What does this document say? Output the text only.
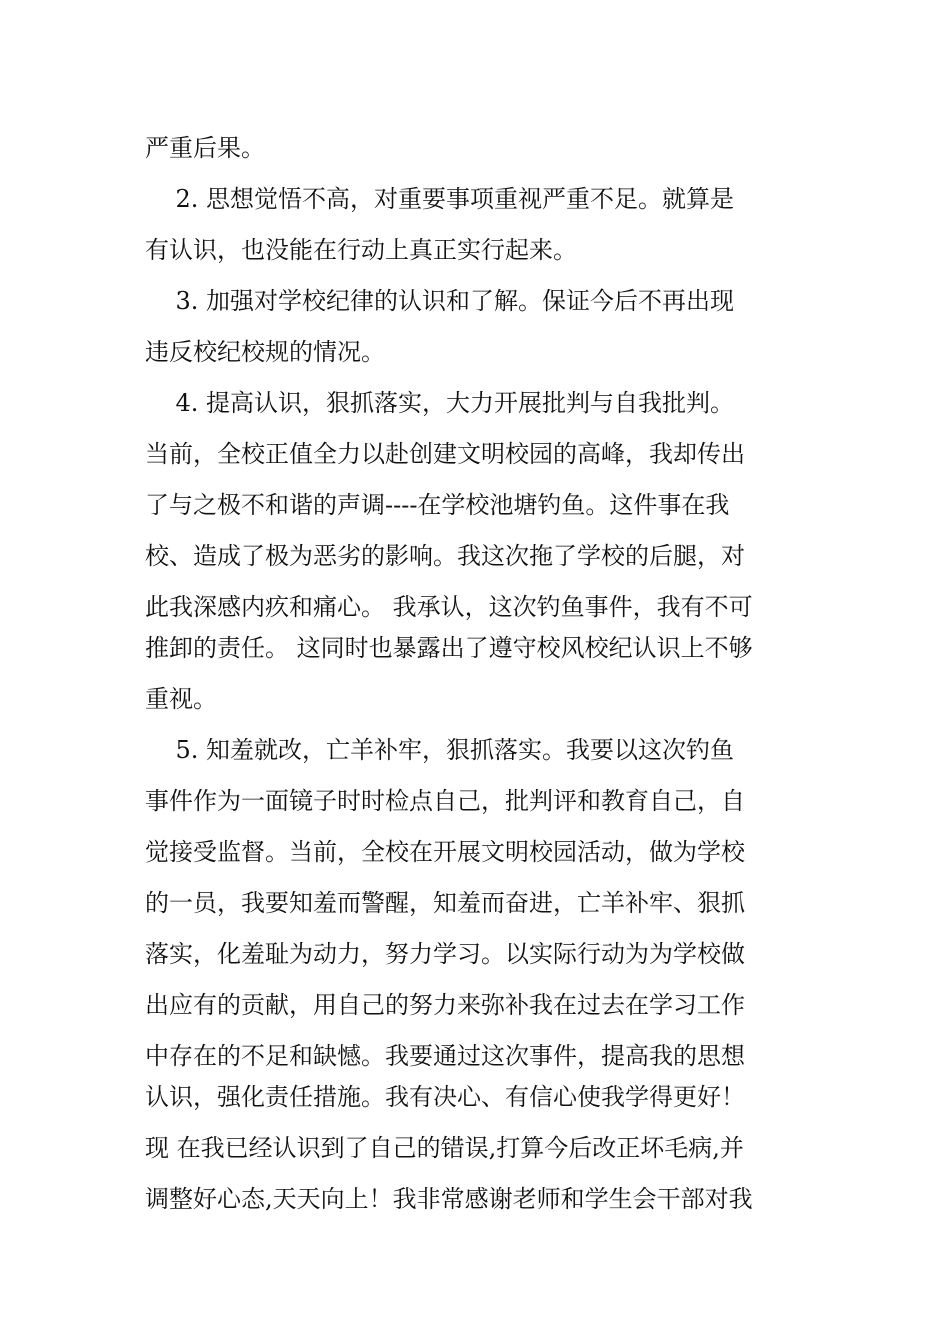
严重后果。

2. 思想觉悟不高，对重要事项重视严重不足。就算是

有认识，也没能在行动上真正实行起来。

3. 加强对学校纪律的认识和了解。保证今后不再出现

违反校纪校规的情况。

4. 提高认识，狠抓落实，大力开展批判与自我批判。

当前，全校正值全力以赴创建文明校园的高峰，我却传出

了与之极不和谐的声调----在学校池塘钓鱼。这件事在我

校、造成了极为恶劣的影响。我这次拖了学校的后腿，对

此我深感内疚和痛心。 我承认，这次钓鱼事件，我有不可

推卸的责任。 这同时也暴露出了遵守校风校纪认识上不够

重视。

5. 知羞就改，亡羊补牢，狠抓落实。我要以这次钓鱼

事件作为一面镜子时时检点自己，批判评和教育自己，自

觉接受监督。当前，全校在开展文明校园活动，做为学校

的一员，我要知羞而警醒，知羞而奋进，亡羊补牢、狠抓

落实，化羞耻为动力，努力学习。以实际行动为为学校做

出应有的贡献，用自己的努力来弥补我在过去在学习工作

中存在的不足和缺憾。我要通过这次事件，提高我的思想

认识，强化责任措施。我有决心、有信心使我学得更好！

现 在我已经认识到了自己的错误,打算今后改正坏毛病,并

调整好心态,天天向上！我非常感谢老师和学生会干部对我
